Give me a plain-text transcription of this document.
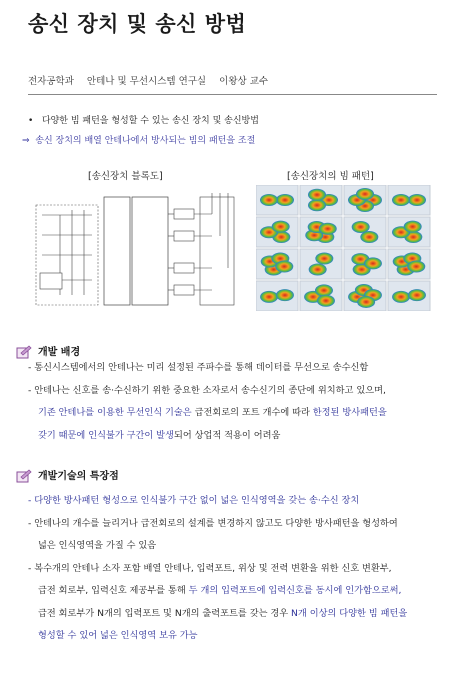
송신 장치 및 송신 방법
전자공학과 안테나 및 무선시스템 연구실 이왕상 교수
• 다양한 빔 패턴을 형성할 수 있는 송신 장치 및 송신방법
⇒ 송신 장치의 배열 안테나에서 방사되는 빔의 패턴을 조절
[송신장치 블록도]	[송신장치의 빔 패턴]
개발 배경
- 통신시스템에서의 안테나는 미리 설정된 주파수를 통해 데이터를 무선으로 송수신함
- 안테나는 신호를 송·수신하기 위한 중요한 소자로서 송수신기의 종단에 위치하고 있으며,
기존 안테나를 이용한 무선인식 기술은 급전회로의 포트 개수에 따라 한정된 방사패턴을
갖기 때문에 인식불가 구간이 발생되어 상업적 적용이 어려움
개발기술의 특장점
- 다양한 방사패턴 형성으로 인식불가 구간 없이 넓은 인식영역을 갖는 송·수신 장치
- 안테나의 개수를 늘리거나 급전회로의 설계를 변경하지 않고도 다양한 방사패턴을 형성하여
넓은 인식영역을 가질 수 있음
- 복수개의 안테나 소자 포함 배열 안테나, 입력포트, 위상 및 전력 변환을 위한 신호 변환부,
급전 회로부, 입력신호 제공부를 통해 두 개의 입력포트에 입력신호를 동시에 인가함으로써,
급전 회로부가 N개의 입력포트 및 N개의 출력포트를 갖는 경우 N개 이상의 다양한 빔 패턴을
형성할 수 있어 넓은 인식영역 보유 가능
